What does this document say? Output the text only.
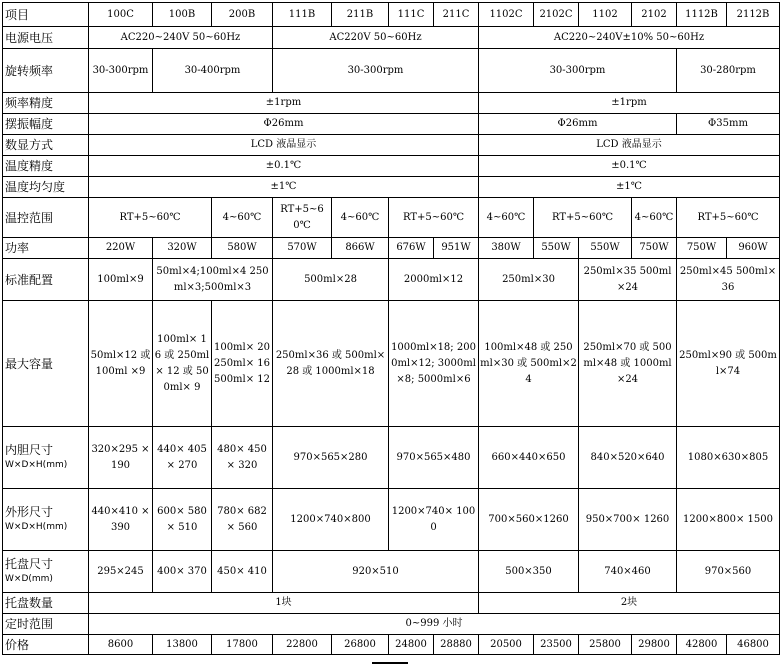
项目	100C	100B	200B	111B	211B	111C	211C	1102C	2102C	1102	2102	1112B	2112B
电源电压	AC220~240V 50~60Hz			AC220V 50~60Hz				AC220~240V±10% 50~60Hz					
旋转频率	30-300rpm	30-400rpm		30-300rpm				30-300rpm				30-280rpm	
频率精度	±1rpm							±1rpm					
摆振幅度	Φ26mm							Φ26mm				Φ35mm	
数显方式	LCD 液晶显示							LCD 液晶显示					
温度精度	±0.1℃							±0.1℃					
温度均匀度	±1℃							±1℃					
温控范围	RT+5~60℃		4~60℃	RT+5~60℃	4~60℃	RT+5~60℃		4~60℃	RT+5~60℃		4~60℃	RT+5~60℃	
功率	220W	320W	580W	570W	866W	676W	951W	380W	550W	550W	750W	750W	960W
标准配置	100ml×9	50ml×4;100ml×4 250ml×3;500ml×3		500ml×28		2000ml×12		250ml×30		250ml×35 500ml×24		250ml×45 500ml×36	
最大容量	50ml×12 或 100ml ×9	100ml× 16 或 250ml× 12 或 500ml× 9	100ml× 20 250ml× 16 500ml× 12	250ml×36 或 500ml×28 或 1000ml×18		1000ml×18; 2000ml×12; 3000ml×8; 5000ml×6		100ml×48 或 250ml×30 或 500ml×24		250ml×70 或 500ml×48 或 1000ml×24		250ml×90 或 500ml×74	
内胆尺寸
W×D×H(mm)	320×295 ×190	440× 405× 270	480× 450× 320	970×565×280		970×565×480		660×440×650		840×520×640		1080×630×805	
外形尺寸
W×D×H(mm)	440×410 ×390	600× 580× 510	780× 682× 560	1200×740×800		1200×740× 1000		700×560×1260		950×700× 1260		1200×800× 1500	
托盘尺寸
W×D(mm)	295×245	400× 370	450× 410	920×510				500×350		740×460		970×560	
托盘数量	1块							2块					
定时范围	0~999 小时												
价格	8600	13800	17800	22800	26800	24800	28880	20500	23500	25800	29800	42800	46800
